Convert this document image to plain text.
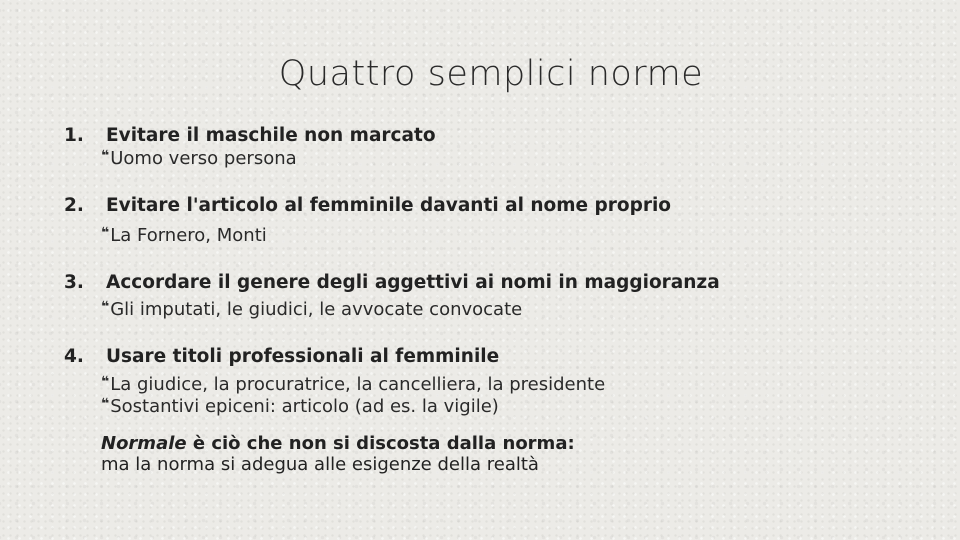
Quattro semplici norme
1. Evitare il maschile non marcato
❝ Uomo verso persona
2. Evitare l'articolo al femminile davanti al nome proprio
❝ La Fornero, Monti
3. Accordare il genere degli aggettivi ai nomi in maggioranza
❝ Gli imputati, le giudici, le avvocate convocate
4. Usare titoli professionali al femminile
❝ La giudice, la procuratrice, la cancelliera, la presidente
❝ Sostantivi epiceni: articolo (ad es. la vigile)
Normale è ciò che non si discosta dalla norma:
ma la norma si adegua alle esigenze della realtà
